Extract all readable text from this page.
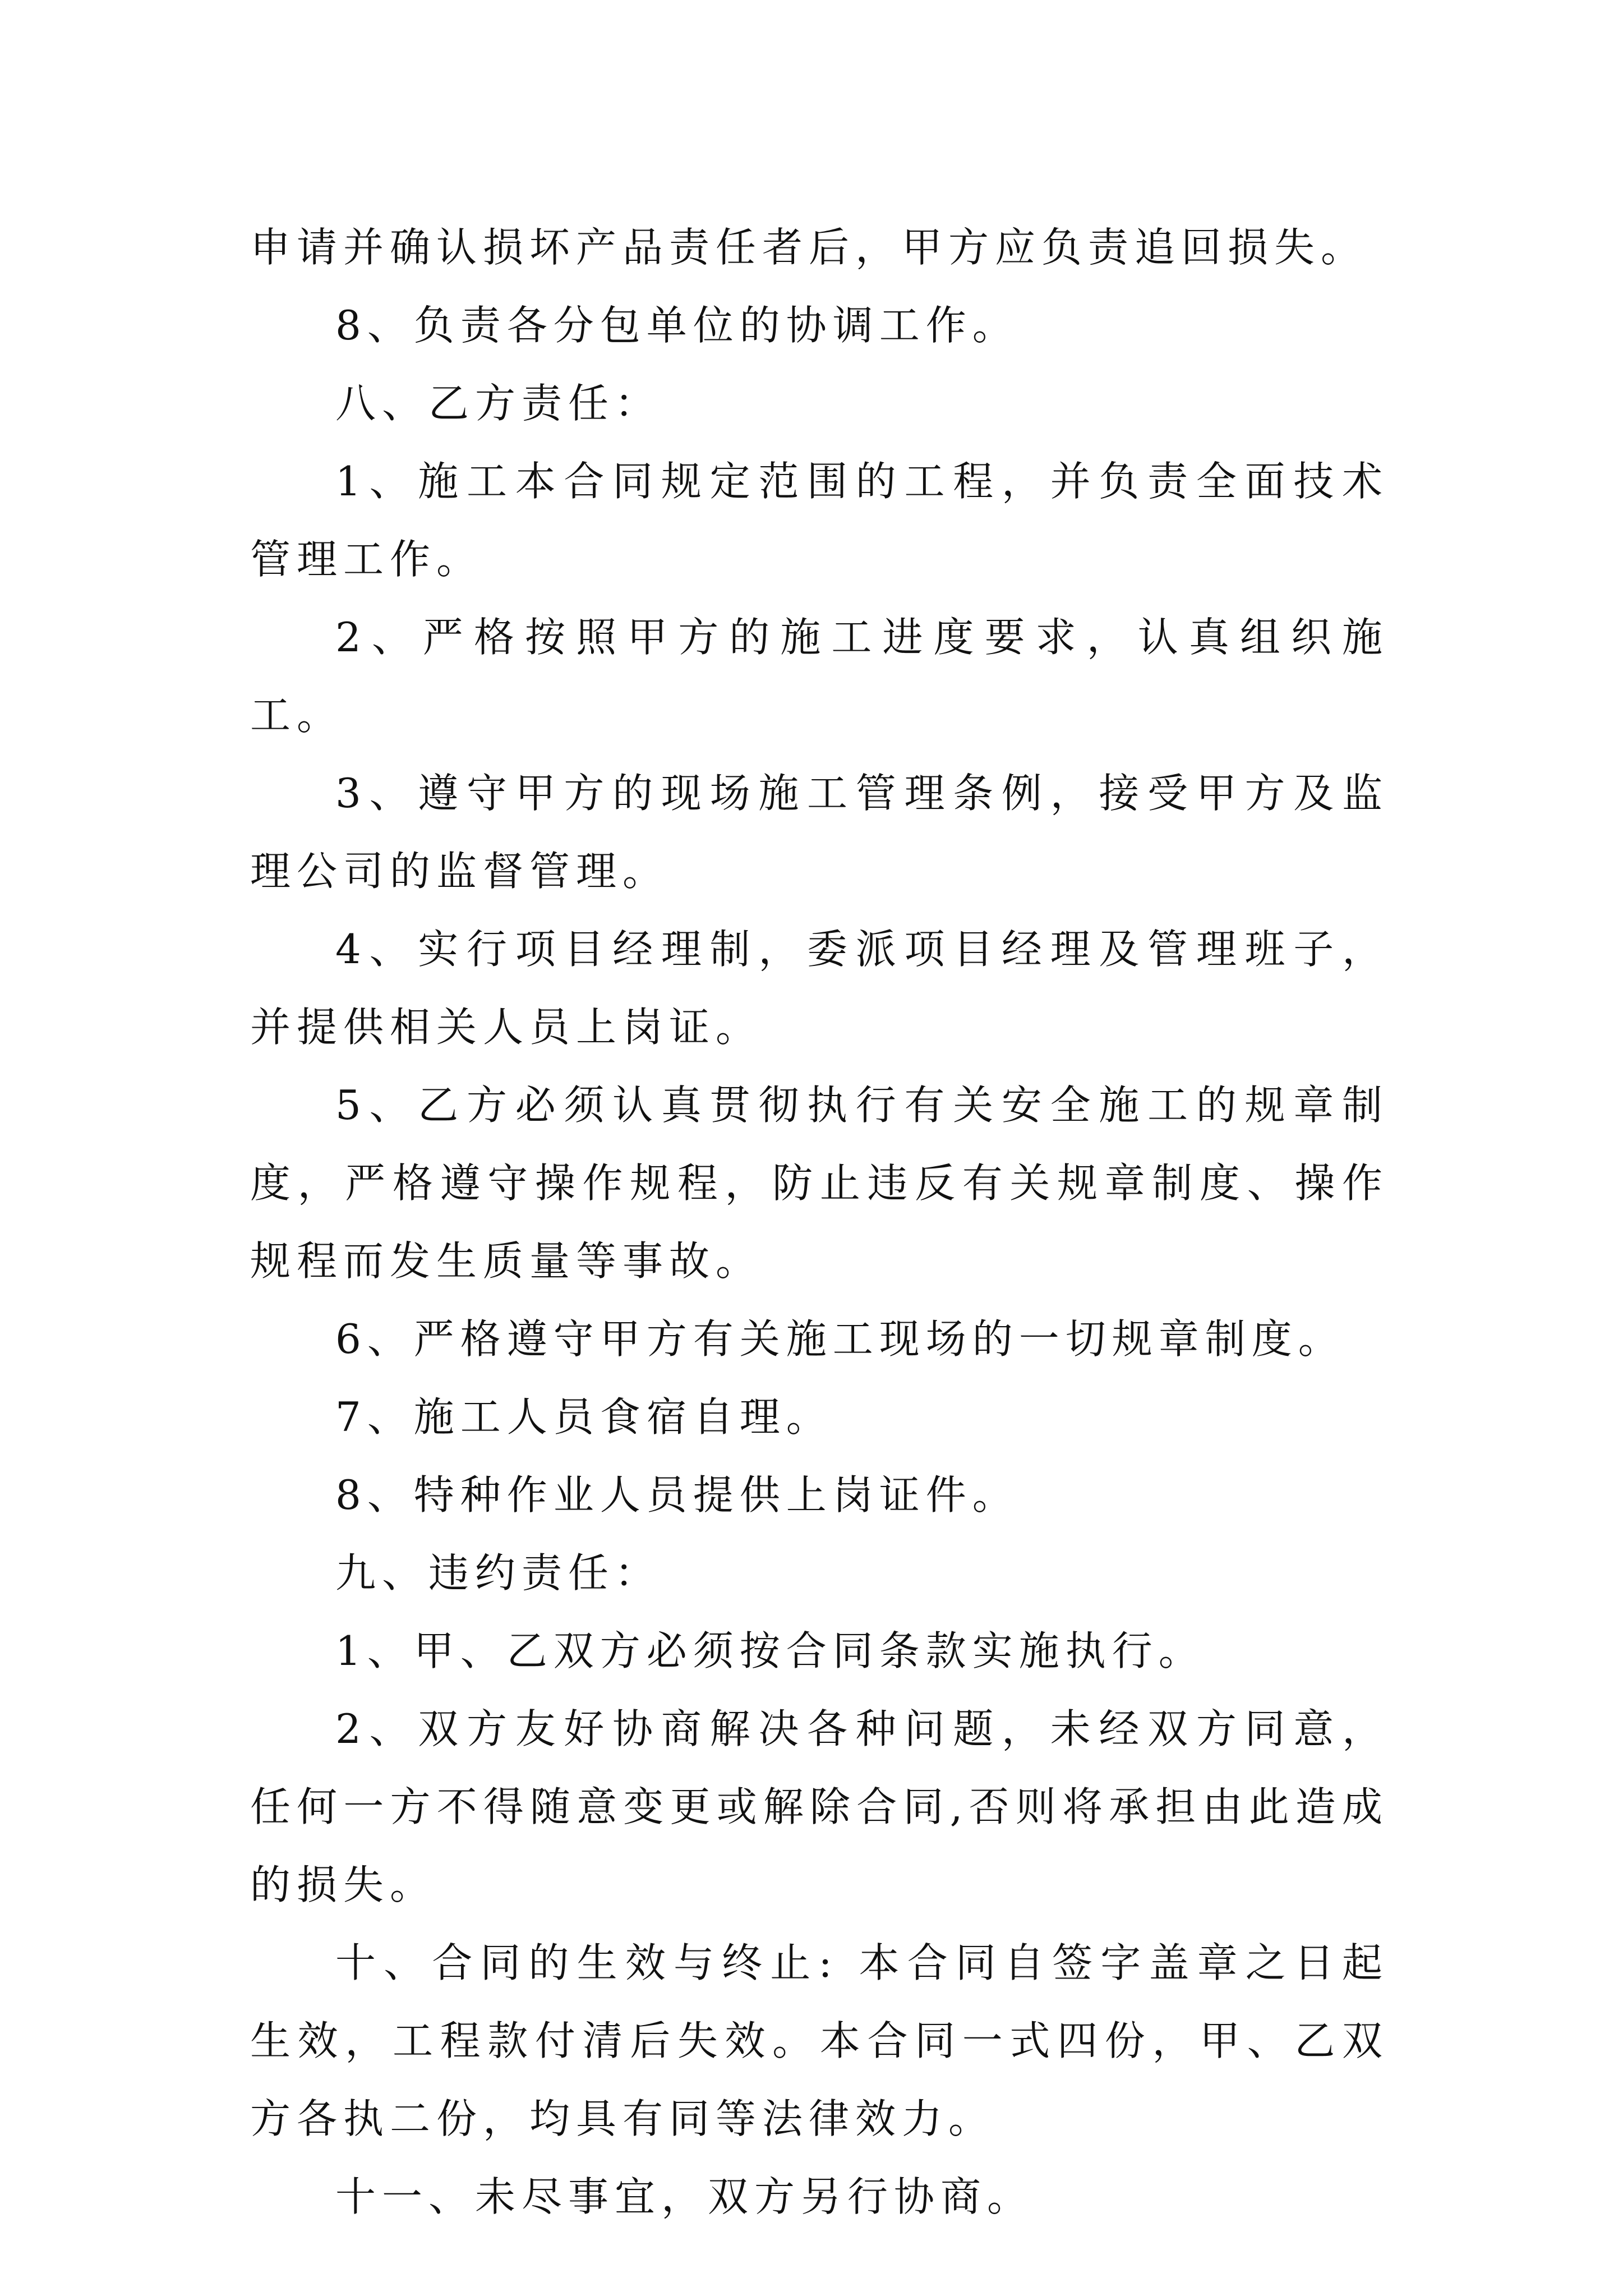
申请并确认损坏产品责任者后，甲方应负责追回损失。

8、负责各分包单位的协调工作。

八、乙方责任：

1、施工本合同规定范围的工程，并负责全面技术管理工作。

2、严格按照甲方的施工进度要求，认真组织施工。

3、遵守甲方的现场施工管理条例，接受甲方及监理公司的监督管理。

4、实行项目经理制，委派项目经理及管理班子，并提供相关人员上岗证。

5、乙方必须认真贯彻执行有关安全施工的规章制度，严格遵守操作规程，防止违反有关规章制度、操作规程而发生质量等事故。

6、严格遵守甲方有关施工现场的一切规章制度。

7、施工人员食宿自理。

8、特种作业人员提供上岗证件。

九、违约责任：

1、甲、乙双方必须按合同条款实施执行。

2、双方友好协商解决各种问题，未经双方同意，任何一方不得随意变更或解除合同,否则将承担由此造成的损失。

十、合同的生效与终止: 本合同自签字盖章之日起生效，工程款付清后失效。本合同一式四份，甲、乙双方各执二份，均具有同等法律效力。

十一、未尽事宜，双方另行协商。
